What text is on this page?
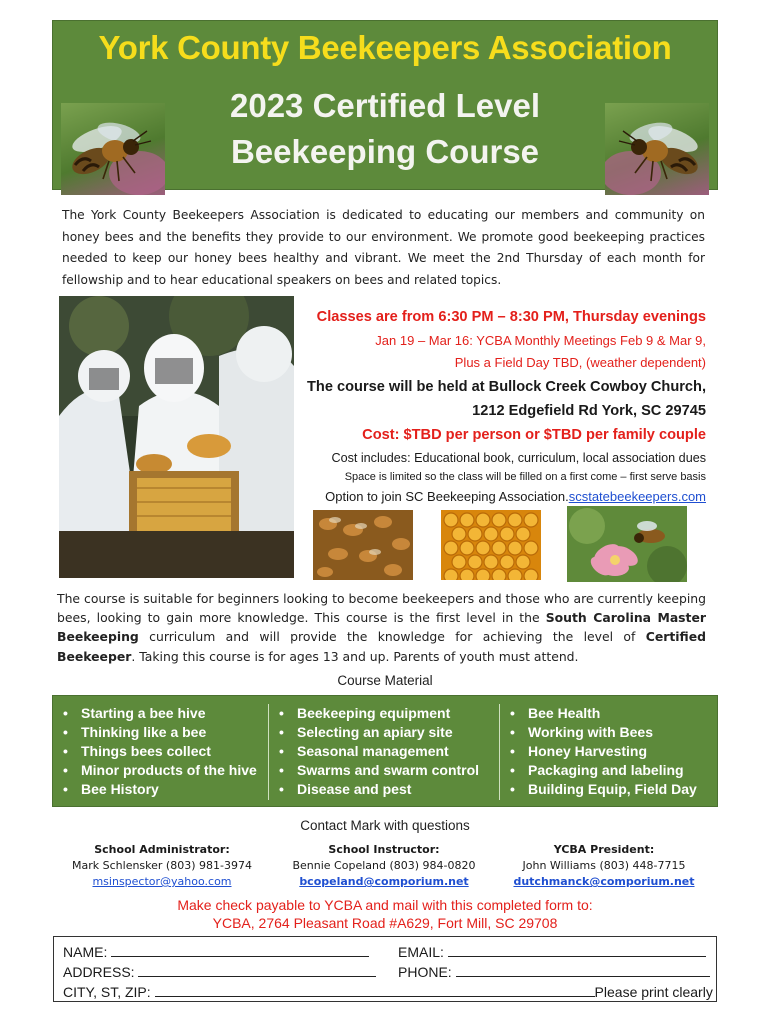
York County Beekeepers Association
2023 Certified Level
Beekeeping Course
The York County Beekeepers Association is dedicated to educating our members and community on honey bees and the benefits they provide to our environment. We promote good beekeeping practices needed to keep our honey bees healthy and vibrant. We meet the 2nd Thursday of each month for fellowship and to hear educational speakers on bees and related topics.
Classes are from 6:30 PM – 8:30 PM, Thursday evenings
Jan 19 – Mar 16: YCBA Monthly Meetings Feb 9 & Mar 9,
Plus a Field Day TBD, (weather dependent)
The course will be held at Bullock Creek Cowboy Church,
1212 Edgefield Rd York, SC 29745
Cost: $TBD per person or $TBD per family couple
Cost includes: Educational book, curriculum, local association dues
Space is limited so the class will be filled on a first come – first serve basis
Option to join SC Beekeeping Association.scstatebeekeepers.com
The course is suitable for beginners looking to become beekeepers and those who are currently keeping bees, looking to gain more knowledge. This course is the first level in the South Carolina Master Beekeeping curriculum and will provide the knowledge for achieving the level of Certified Beekeeper. Taking this course is for ages 13 and up. Parents of youth must attend.
Course Material
• Starting a bee hive
• Thinking like a bee
• Things bees collect
• Minor products of the hive
• Bee History
• Beekeeping equipment
• Selecting an apiary site
• Seasonal management
• Swarms and swarm control
• Disease and pest
• Bee Health
• Working with Bees
• Honey Harvesting
• Packaging and labeling
• Building Equip, Field Day
Contact Mark with questions
School Administrator:
Mark Schlensker (803) 981-3974
msinspector@yahoo.com
School Instructor:
Bennie Copeland (803) 984-0820
bcopeland@comporium.net
YCBA President:
John Williams (803) 448-7715
dutchmanck@comporium.net
Make check payable to YCBA and mail with this completed form to:
YCBA, 2764 Pleasant Road #A629, Fort Mill, SC 29708
NAME:	EMAIL:
ADDRESS:	PHONE:
CITY, ST, ZIP:	Please print clearly
